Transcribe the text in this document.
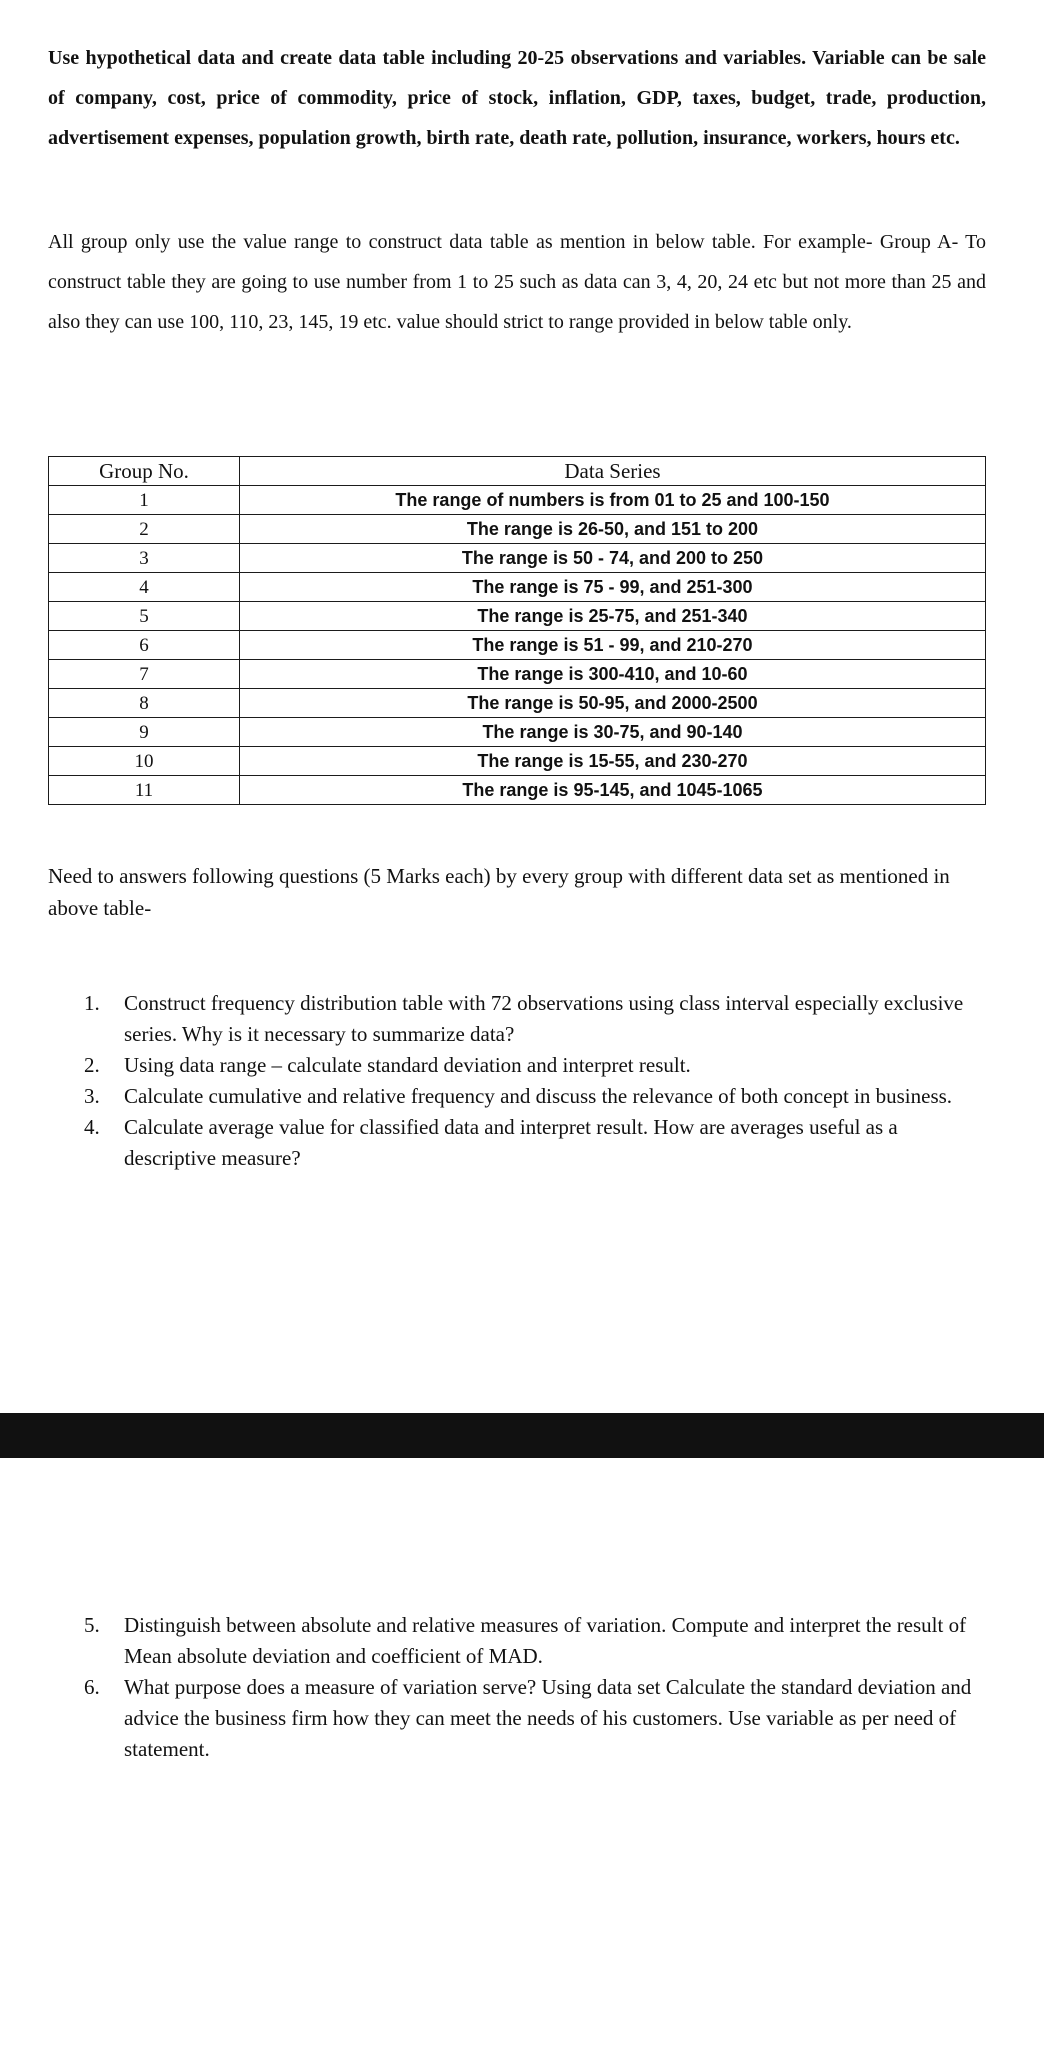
Use hypothetical data and create data table including 20-25 observations and variables. Variable can be sale of company, cost, price of commodity, price of stock, inflation, GDP, taxes, budget, trade, production, advertisement expenses, population growth, birth rate, death rate, pollution, insurance, workers, hours etc.

All group only use the value range to construct data table as mention in below table. For example- Group A- To construct table they are going to use number from 1 to 25 such as data can 3, 4, 20, 24 etc but not more than 25 and also they can use 100, 110, 23, 145, 19 etc. value should strict to range provided in below table only.

Group No.	Data Series
1	The range of numbers is from 01 to 25 and 100-150
2	The range is 26-50, and 151 to 200
3	The range is 50 - 74, and 200 to 250
4	The range is 75 - 99, and 251-300
5	The range is 25-75, and 251-340
6	The range is 51 - 99, and 210-270
7	The range is 300-410, and 10-60
8	The range is 50-95, and 2000-2500
9	The range is 30-75, and 90-140
10	The range is 15-55, and 230-270
11	The range is 95-145, and 1045-1065

Need to answers following questions (5 Marks each) by every group with different data set as mentioned in above table-

1. Construct frequency distribution table with 72 observations using class interval especially exclusive series. Why is it necessary to summarize data?
2. Using data range – calculate standard deviation and interpret result.
3. Calculate cumulative and relative frequency and discuss the relevance of both concept in business.
4. Calculate average value for classified data and interpret result. How are averages useful as a descriptive measure?
5. Distinguish between absolute and relative measures of variation. Compute and interpret the result of Mean absolute deviation and coefficient of MAD.
6. What purpose does a measure of variation serve? Using data set Calculate the standard deviation and advice the business firm how they can meet the needs of his customers. Use variable as per need of statement.
